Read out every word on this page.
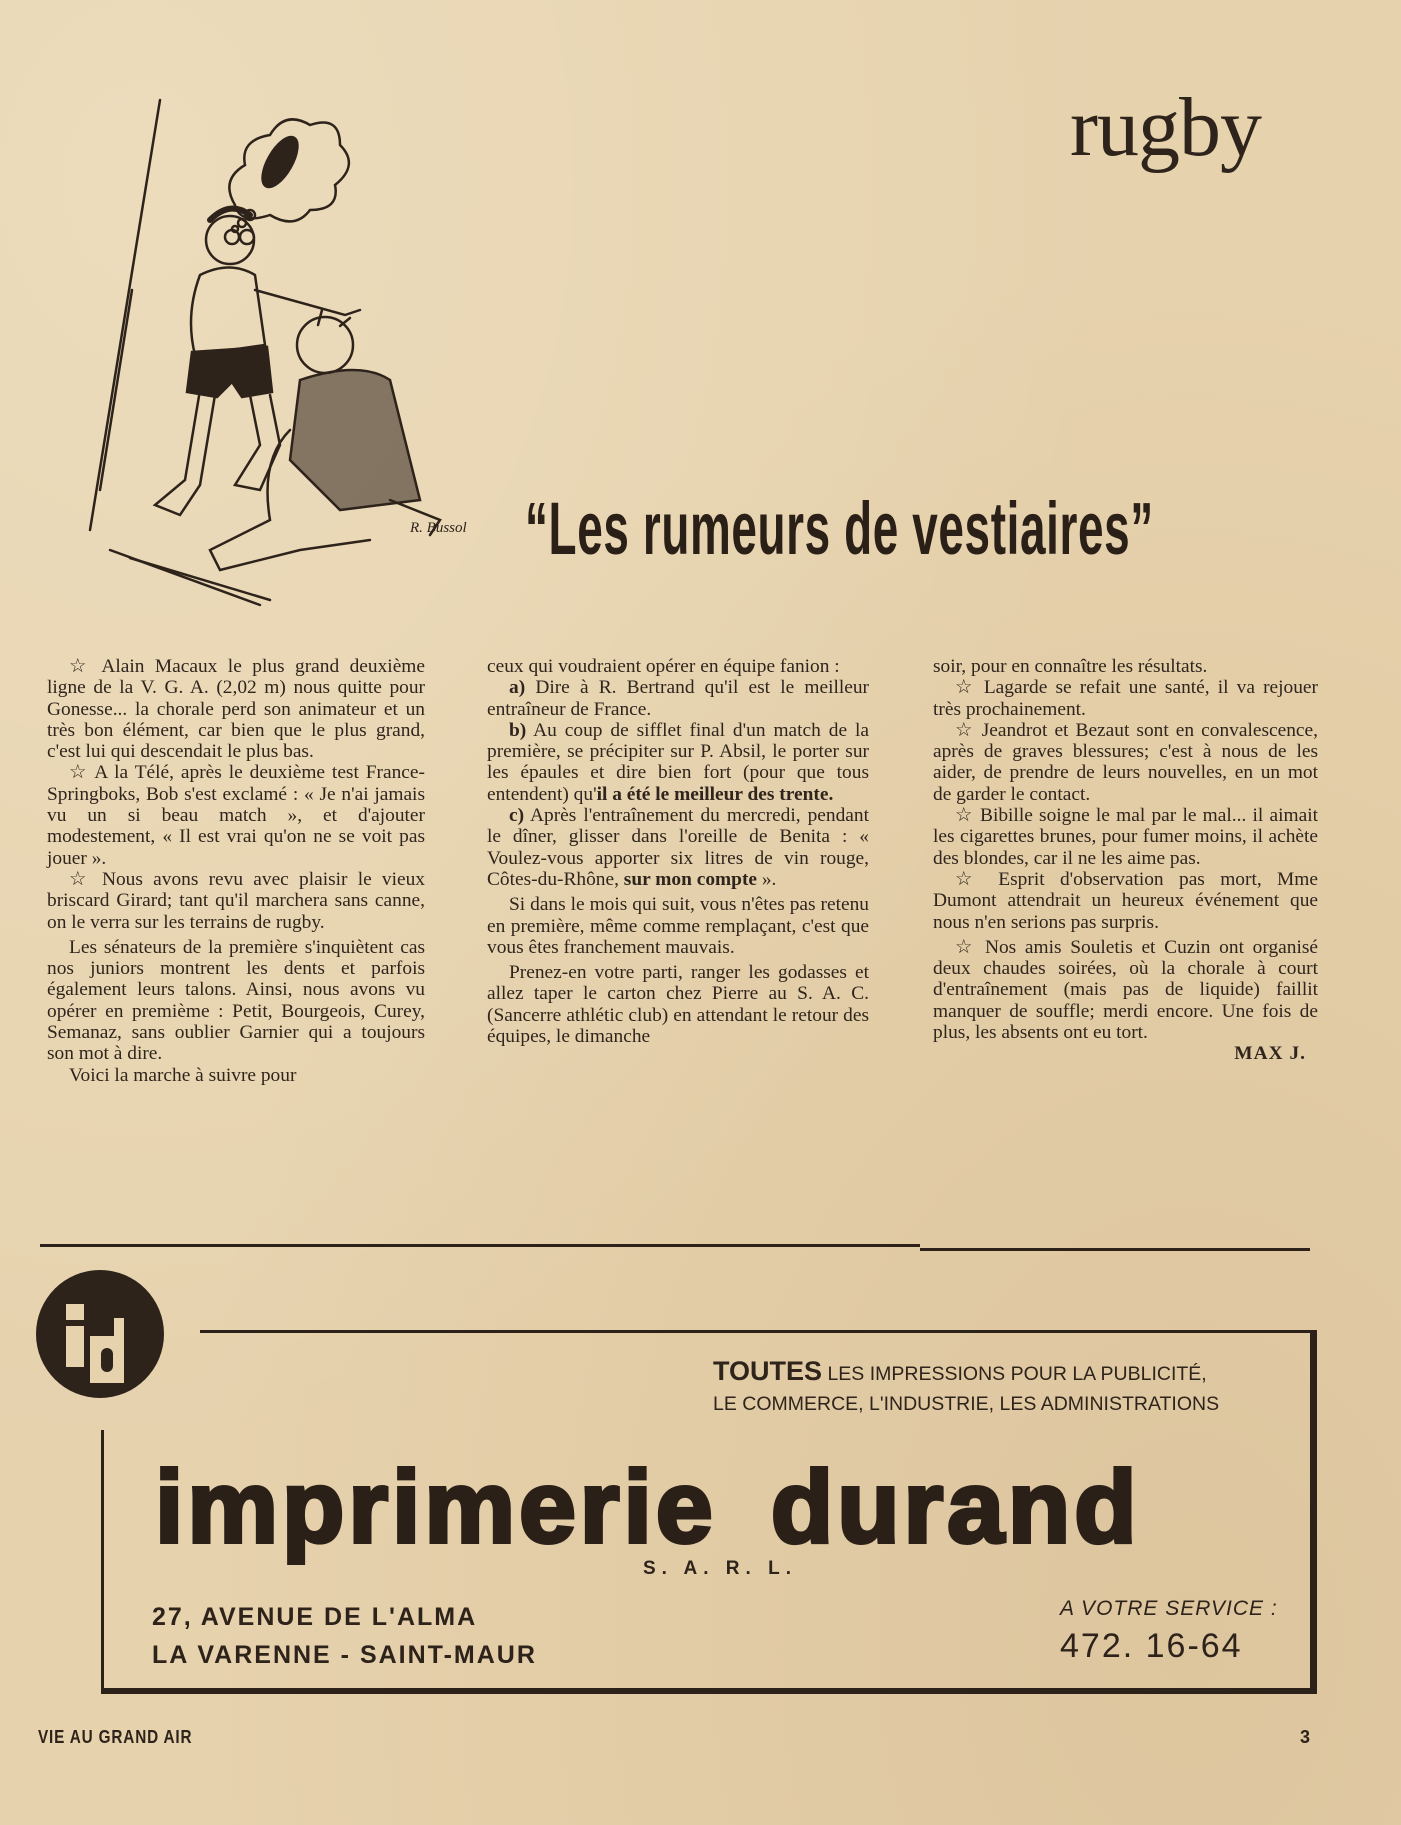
rugby
R. Bussol “Les rumeurs de vestiaires”

☆ Alain Macaux le plus grand deuxième ligne de la V. G. A. (2,02 m) nous quitte pour Gonesse... la chorale perd son animateur et un très bon élément, car bien que le plus grand, c'est lui qui descendait le plus bas.

☆ A la Télé, après le deuxième test France-Springboks, Bob s'est exclamé : « Je n'ai jamais vu un si beau match », et d'ajouter modestement, « Il est vrai qu'on ne se voit pas jouer ».

☆ Nous avons revu avec plaisir le vieux briscard Girard; tant qu'il marchera sans canne, on le verra sur les terrains de rugby.

Les sénateurs de la première s'inquiètent cas nos juniors montrent les dents et parfois également leurs talons. Ainsi, nous avons vu opérer en premième : Petit, Bourgeois, Curey, Semanaz, sans oublier Garnier qui a toujours son mot à dire.

Voici la marche à suivre pour

ceux qui voudraient opérer en équipe fanion :

a) Dire à R. Bertrand qu'il est le meilleur entraîneur de France.

b) Au coup de sifflet final d'un match de la première, se précipiter sur P. Absil, le porter sur les épaules et dire bien fort (pour que tous entendent) qu'il a été le meilleur des trente.

c) Après l'entraînement du mercredi, pendant le dîner, glisser dans l'oreille de Benita : « Voulez-vous apporter six litres de vin rouge, Côtes-du-Rhône, sur mon compte ».

Si dans le mois qui suit, vous n'êtes pas retenu en première, même comme remplaçant, c'est que vous êtes franchement mauvais.

Prenez-en votre parti, ranger les godasses et allez taper le carton chez Pierre au S. A. C. (Sancerre athlétic club) en attendant le retour des équipes, le dimanche

soir, pour en connaître les résultats.

☆ Lagarde se refait une santé, il va rejouer très prochainement.

☆ Jeandrot et Bezaut sont en convalescence, après de graves blessures; c'est à nous de les aider, de prendre de leurs nouvelles, en un mot de garder le contact.

☆ Bibille soigne le mal par le mal... il aimait les cigarettes brunes, pour fumer moins, il achète des blondes, car il ne les aime pas.

☆ Esprit d'observation pas mort, Mme Dumont attendrait un heureux événement que nous n'en serions pas surpris.

☆ Nos amis Souletis et Cuzin ont organisé deux chaudes soirées, où la chorale à court d'entraînement (mais pas de liquide) faillit manquer de souffle; merdi encore. Une fois de plus, les absents ont eu tort.

MAX J.
TOUTES LES IMPRESSIONS POUR LA PUBLICITÉ,
LE COMMERCE, L'INDUSTRIE, LES ADMINISTRATIONS
imprimerie durand
S. A. R. L.
27, AVENUE DE L'ALMA
LA VARENNE - SAINT-MAUR
A VOTRE SERVICE :
472. 16-64
VIE AU GRAND AIR	3
